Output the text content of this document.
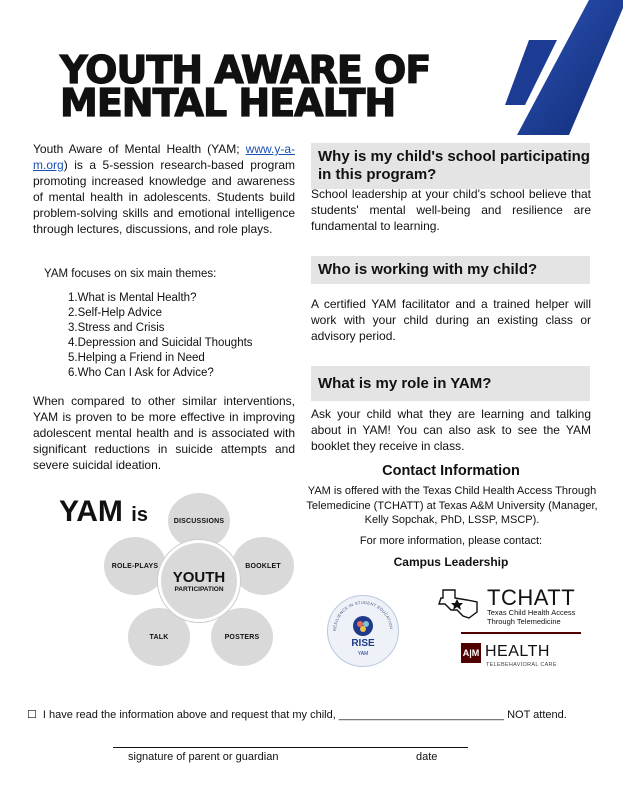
YOUTH AWARE OF
MENTAL HEALTH
Youth Aware of Mental Health (YAM; www.y-a-m.org) is a 5-session research-based program promoting increased knowledge and awareness of mental health in adolescents. Students build problem-solving skills and emotional intelligence through lectures, discussions, and role plays.
YAM focuses on six main themes:
1.What is Mental Health?
2.Self-Help Advice
3.Stress and Crisis
4.Depression and Suicidal Thoughts
5.Helping a Friend in Need
6.Who Can I Ask for Advice?
When compared to other similar interventions, YAM is proven to be more effective in improving adolescent mental health and is associated with significant reductions in suicide attempts and severe suicidal ideation.
YAM is	DISCUSSIONS
BOOKLET
POSTERS
TALK
ROLE-PLAYS
YOUTH
PARTICIPATION
Why is my child's school participating in this program?
School leadership at your child's school believe that students' mental well-being and resilience are fundamental to learning.
Who is working with my child?
A certified YAM facilitator and a trained helper will work with your child during an existing class or advisory period.
What is my role in YAM?
Ask your child what they are learning and talking about in YAM! You can also ask to see the YAM booklet they receive in class.
Contact Information
YAM is offered with the Texas Child Health Access Through Telemedicine (TCHATT) at Texas A&M University (Manager, Kelly Sopchak, PhD, LSSP, MSCP).
For more information, please contact:
Campus Leadership
RESILIENCE IN STUDENT EDUCATION
RISE
YAM
TCHATT
Texas Child Health Access
Through Telemedicine
A|M HEALTH
TELEBEHAVIORAL CARE
☐ I have read the information above and request that my child, ___________________________ NOT attend.
signature of parent or guardian	date
